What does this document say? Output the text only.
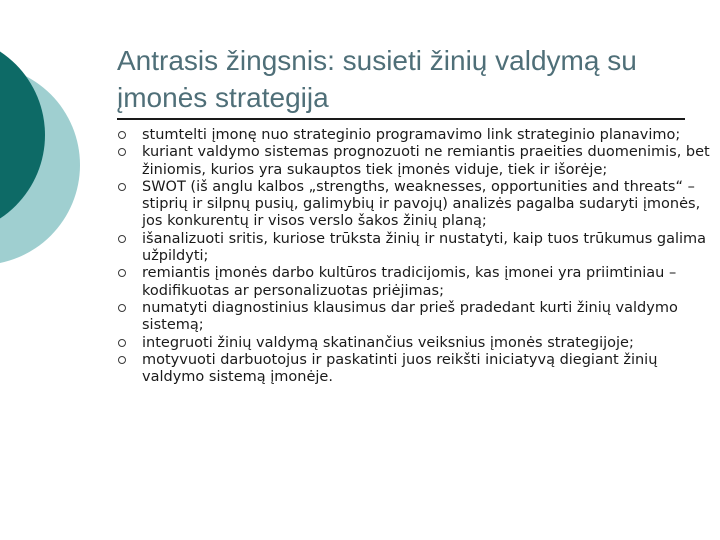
Antrasis žingsnis: susieti žinių valdymą su įmonės strategija
stumtelti įmonę nuo strateginio programavimo link strateginio planavimo;
kuriant valdymo sistemas prognozuoti ne remiantis praeities duomenimis, bet žiniomis, kurios yra sukauptos tiek įmonės viduje, tiek ir išorėje;
SWOT (iš anglu kalbos „strengths, weaknesses, opportunities and threats“ – stiprių ir silpnų pusių, galimybių ir pavojų) analizės pagalba sudaryti įmonės, jos konkurentų ir visos verslo šakos žinių planą;
išanalizuoti sritis, kuriose trūksta žinių ir nustatyti, kaip tuos trūkumus galima užpildyti;
remiantis įmonės darbo kultūros tradicijomis, kas įmonei yra priimtiniau – kodifikuotas ar personalizuotas priėjimas;
numatyti diagnostinius klausimus dar prieš pradedant kurti žinių valdymo sistemą;
integruoti žinių valdymą skatinančius veiksnius įmonės strategijoje;
motyvuoti darbuotojus ir paskatinti juos reikšti iniciatyvą diegiant žinių valdymo sistemą įmonėje.
